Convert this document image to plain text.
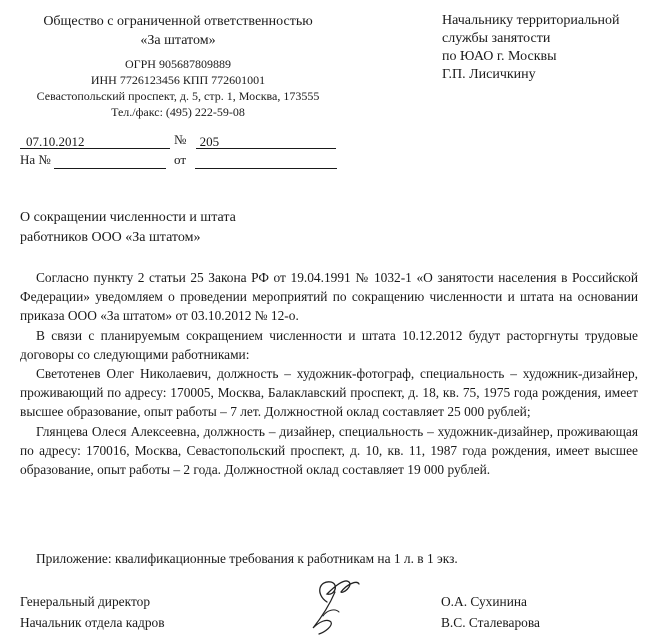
Общество с ограниченной ответственностью
«За штатом»
ОГРН 905687809889
ИНН 7726123456 КПП 772601001
Севастопольский проспект, д. 5, стр. 1, Москва, 173555
Тел./факс: (495) 222-59-08
Начальнику территориальной
службы занятости
по ЮАО г. Москвы
Г.П. Лисичкину
07.10.2012	№ 205
На №	от
О сокращении численности и штата
работников ООО «За штатом»

Согласно пункту 2 статьи 25 Закона РФ от 19.04.1991 № 1032-1 «О занятости населения в Российской Федерации» уведомляем о проведении мероприятий по сокращению численности и штата на основании приказа ООО «За штатом» от 03.10.2012 № 12-о.

В связи с планируемым сокращением численности и штата 10.12.2012 будут расторгнуты трудовые договоры со следующими работниками:

Светотенев Олег Николаевич, должность – художник-фотограф, специальность – художник-дизайнер, проживающий по адресу: 170005, Москва, Балаклавский проспект, д. 18, кв. 75, 1975 года рождения, имеет высшее образование, опыт работы – 7 лет. Должностной оклад составляет 25 000 рублей;

Глянцева Олеся Алексеевна, должность – дизайнер, специальность – художник-дизайнер, проживающая по адресу: 170016, Москва, Севастопольский проспект, д. 10, кв. 11, 1987 года рождения, имеет высшее образование, опыт работы – 2 года. Должностной оклад составляет 19 000 рублей.

Приложение: квалификационные требования к работникам на 1 л. в 1 экз.
Генеральный директор	О.А. Сухинина
Начальник отдела кадров	В.С. Сталеварова
